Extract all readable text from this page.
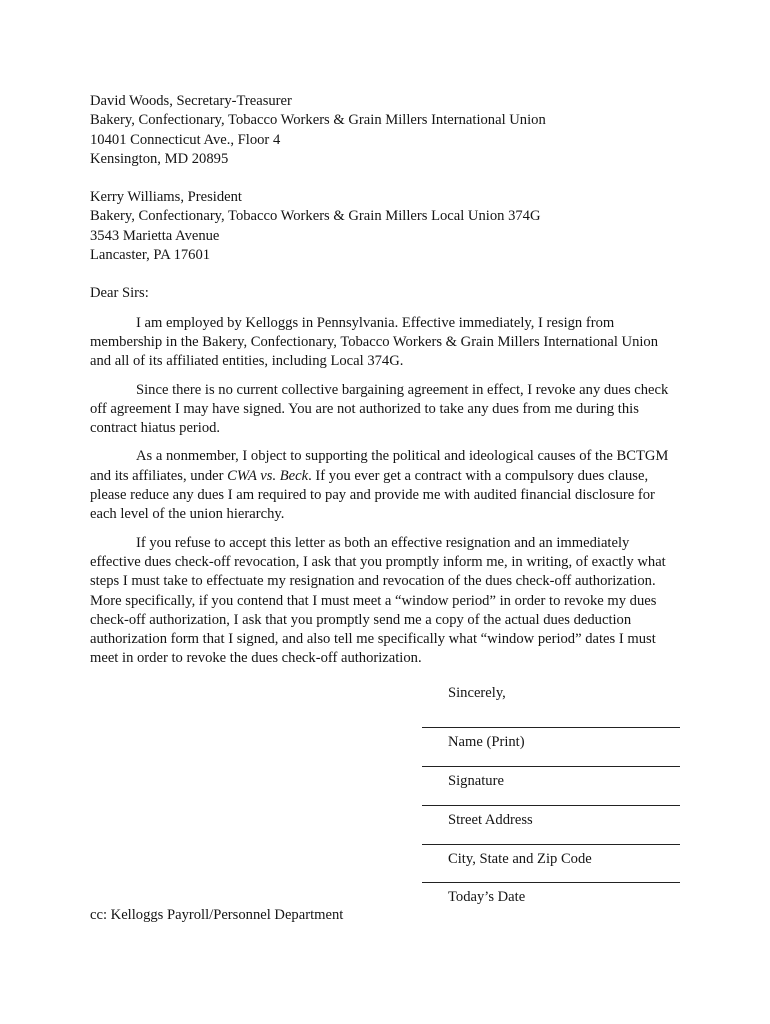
David Woods, Secretary-Treasurer
Bakery, Confectionary, Tobacco Workers & Grain Millers International Union
10401 Connecticut Ave., Floor 4
Kensington, MD 20895
Kerry Williams, President
Bakery, Confectionary, Tobacco Workers & Grain Millers Local Union 374G
3543 Marietta Avenue
Lancaster, PA 17601
Dear Sirs:

I am employed by Kelloggs in Pennsylvania. Effective immediately, I resign from membership in the Bakery, Confectionary, Tobacco Workers & Grain Millers International Union and all of its affiliated entities, including Local 374G.

Since there is no current collective bargaining agreement in effect, I revoke any dues check off agreement I may have signed. You are not authorized to take any dues from me during this contract hiatus period.

As a nonmember, I object to supporting the political and ideological causes of the BCTGM and its affiliates, under CWA vs. Beck. If you ever get a contract with a compulsory dues clause, please reduce any dues I am required to pay and provide me with audited financial disclosure for each level of the union hierarchy.

If you refuse to accept this letter as both an effective resignation and an immediately effective dues check-off revocation, I ask that you promptly inform me, in writing, of exactly what steps I must take to effectuate my resignation and revocation of the dues check-off authorization. More specifically, if you contend that I must meet a “window period” in order to revoke my dues check-off authorization, I ask that you promptly send me a copy of the actual dues deduction authorization form that I signed, and also tell me specifically what “window period” dates I must meet in order to revoke the dues check-off authorization.

Sincerely,
Name (Print)
Signature
Street Address
City, State and Zip Code
Today’s Date
cc: Kelloggs Payroll/Personnel Department
